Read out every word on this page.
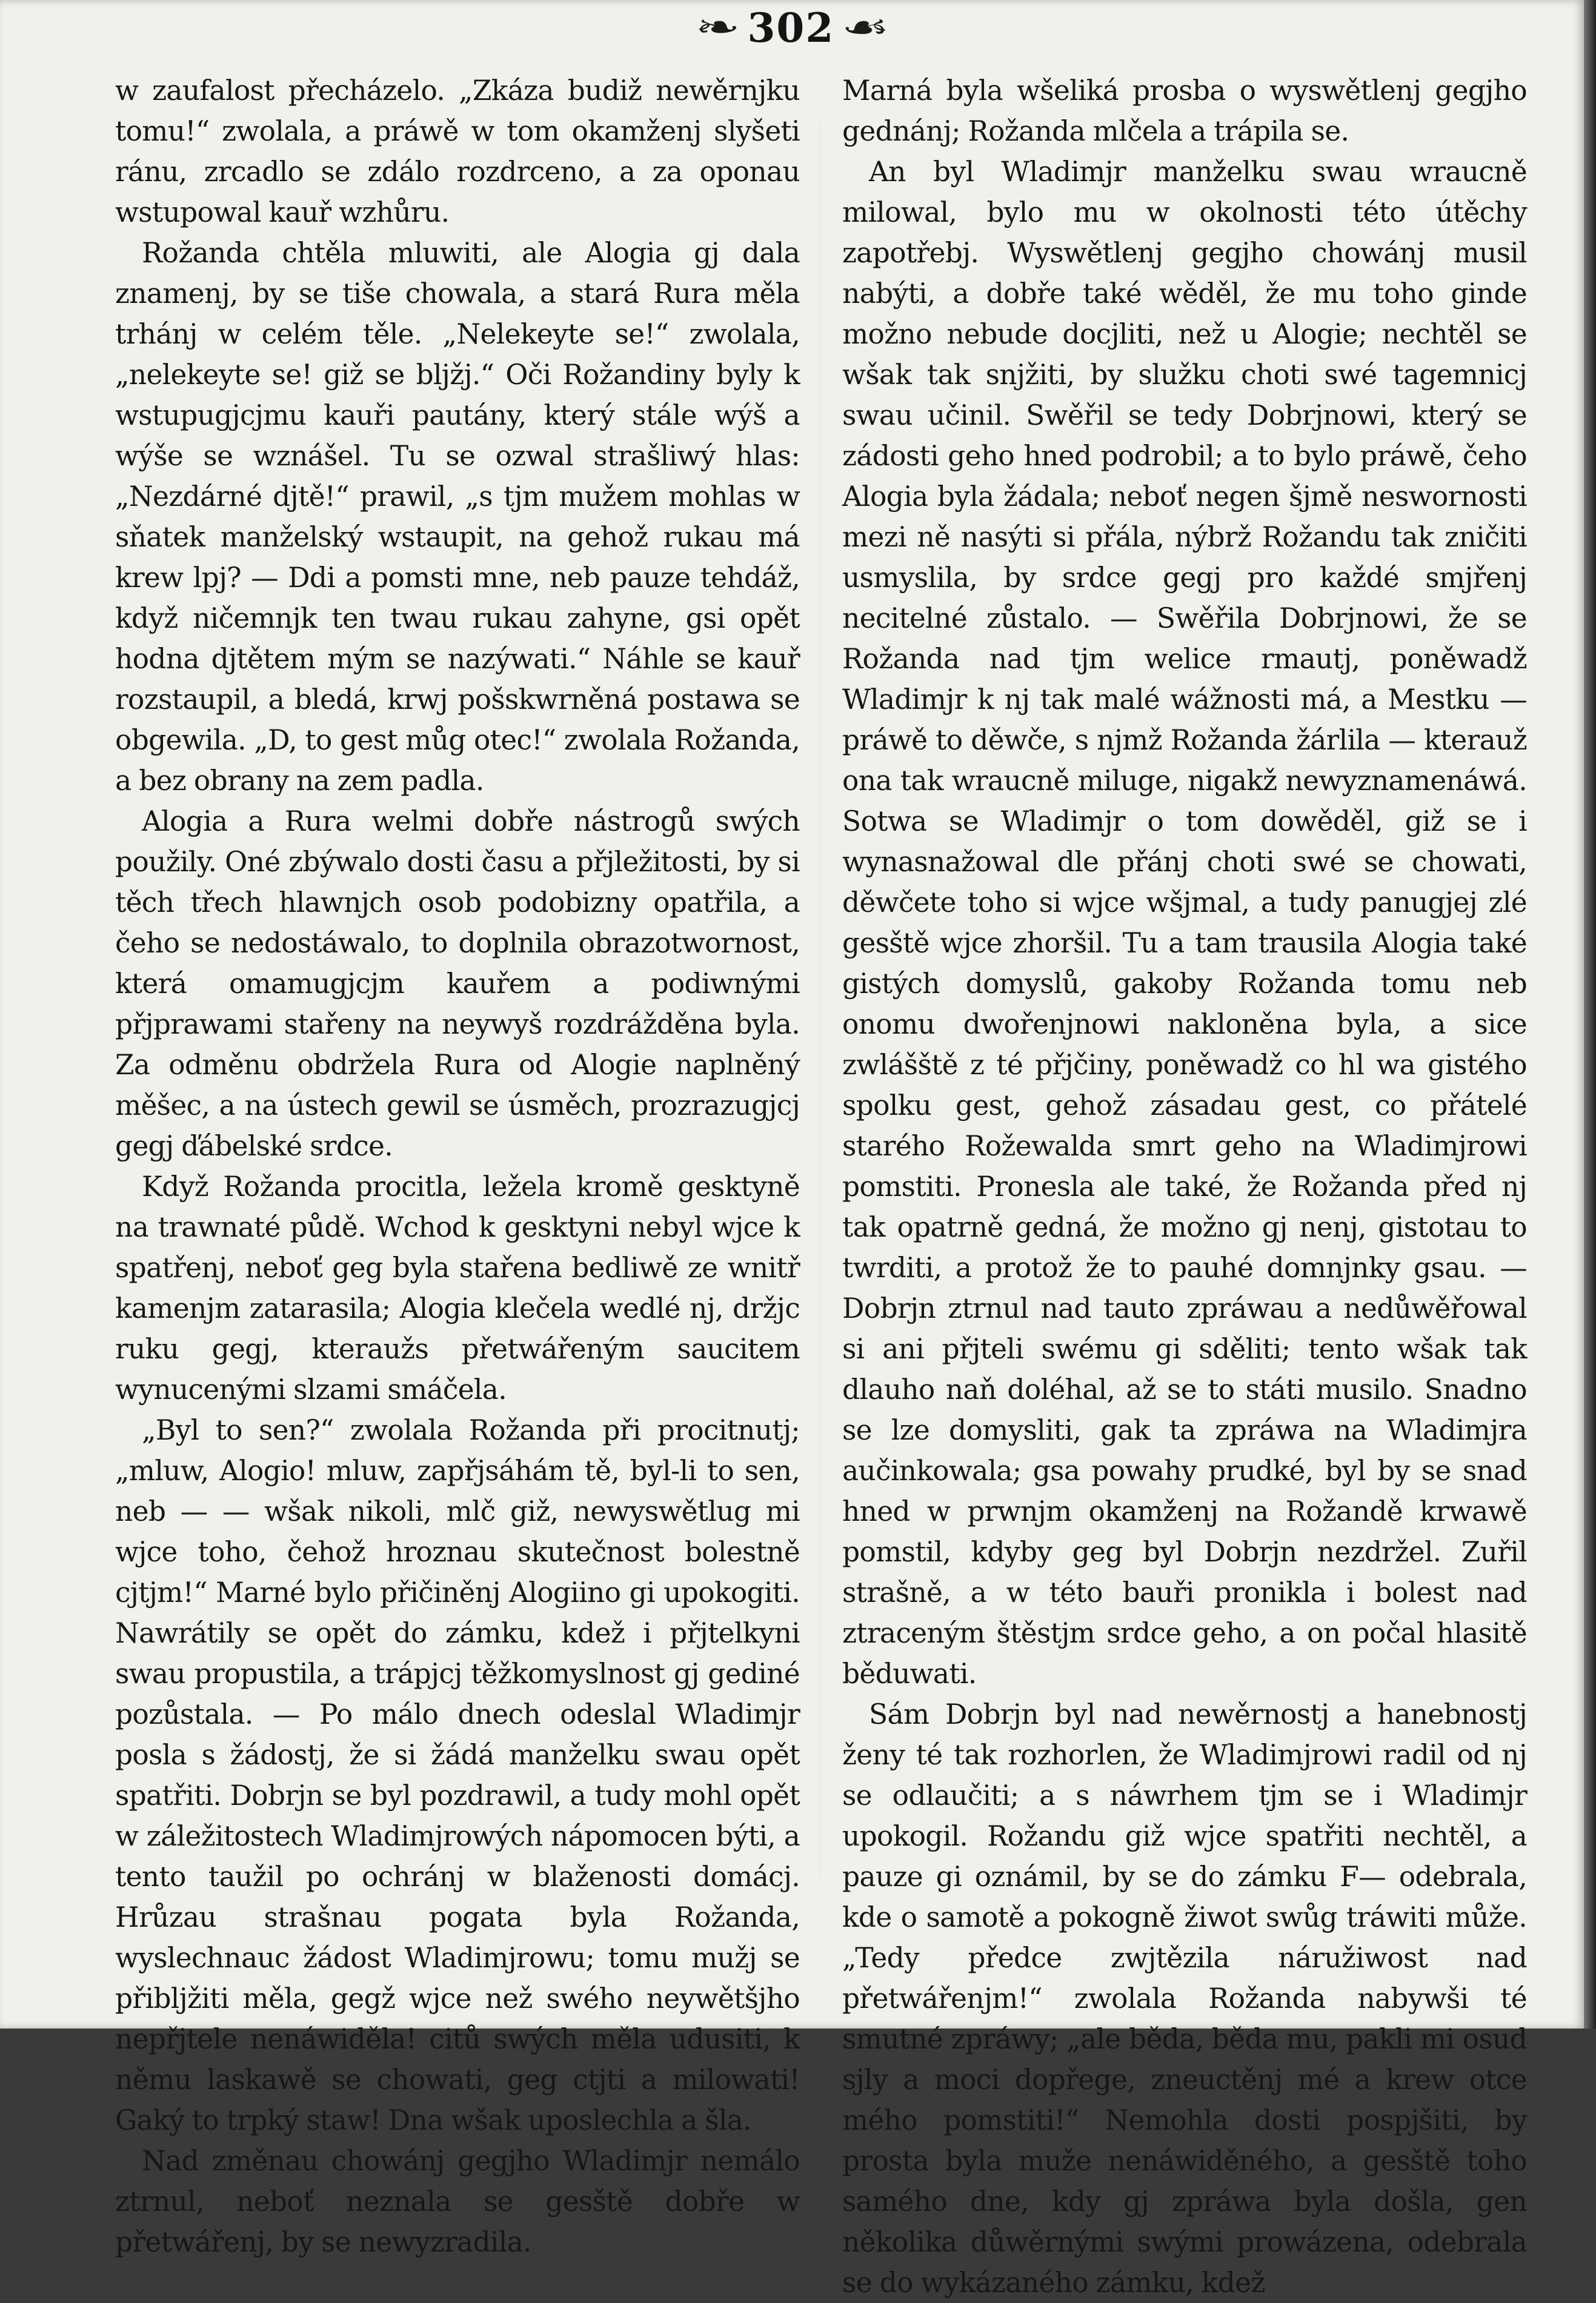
❧ 302 ☙

w zaufalost přecházelo. „Zkáza budiž newěrnjku tomu!“ zwolala, a práwě w tom okamženj slyšeti ránu, zrcadlo se zdálo rozdrceno, a za oponau wstupowal kauř wzhůru.

Rožanda chtěla mluwiti, ale Alogia gj dala znamenj, by se tiše chowala, a stará Rura měla trhánj w celém těle. „Nelekeyte se!“ zwolala, „nelekeyte se! giž se bljžj.“ Oči Rožandiny byly k wstupugjcjmu kauři pautány, který stále wýš a wýše se wznášel. Tu se ozwal strašliwý hlas: „Nezdárné djtě!“ prawil, „s tjm mužem mohlas w sňatek manželský wstaupit, na gehož rukau má krew lpj? — Ddi a pomsti mne, neb pauze tehdáž, když ničemnjk ten twau rukau zahyne, gsi opět hodna djtětem mým se nazýwati.“ Náhle se kauř rozstaupil, a bledá, krwj pošskwrněná postawa se obgewila. „D, to gest můg otec!“ zwolala Rožanda, a bez obrany na zem padla.

Alogia a Rura welmi dobře nástrogů swých použily. Oné zbýwalo dosti času a přjležitosti, by si těch třech hlawnjch osob podobizny opatřila, a čeho se nedostáwalo, to doplnila obrazotwornost, která omamugjcjm kauřem a podiwnými přjprawami stařeny na neywyš rozdrážděna byla. Za odměnu obdržela Rura od Alogie naplněný měšec, a na ústech gewil se úsměch, prozrazugjcj gegj ďábelské srdce.

Když Rožanda procitla, ležela kromě gesktyně na trawnaté půdě. Wchod k gesktyni nebyl wjce k spatřenj, neboť geg byla stařena bedliwě ze wnitř kamenjm zatarasila; Alogia klečela wedlé nj, držjc ruku gegj, kteraužs přetwářeným saucitem wynucenými slzami smáčela.

„Byl to sen?“ zwolala Rožanda při procitnutj; „mluw, Alogio! mluw, zapřjsáhám tě, byl-li to sen, neb — — wšak nikoli, mlč giž, newyswětlug mi wjce toho, čehož hroznau skutečnost bolestně cjtjm!“ Marné bylo přičiněnj Alogiino gi upokogiti. Nawrátily se opět do zámku, kdež i přjtelkyni swau propustila, a trápjcj těžkomyslnost gj gediné pozůstala. — Po málo dnech odeslal Wladimjr posla s žádostj, že si žádá manželku swau opět spatřiti. Dobrjn se byl pozdrawil, a tudy mohl opět w záležitostech Wladimjrowých nápomocen býti, a tento taužil po ochránj w blaženosti domácj. Hrůzau strašnau pogata byla Rožanda, wyslechnauc žádost Wladimjrowu; tomu mužj se přibljžiti měla, gegž wjce než swého neywětšjho nepřjtele nenáwiděla! citů swých měla udusiti, k němu laskawě se chowati, geg ctjti a milowati! Gaký to trpký staw! Dna wšak uposlechla a šla.

Nad změnau chowánj gegjho Wladimjr nemálo ztrnul, neboť neznala se gesště dobře w přetwářenj, by se newyzradila.

Marná byla wšeliká prosba o wyswětlenj gegjho gednánj; Rožanda mlčela a trápila se.

An byl Wladimjr manželku swau wraucně milowal, bylo mu w okolnosti této útěchy zapotřebj. Wyswětlenj gegjho chowánj musil nabýti, a dobře také wěděl, že mu toho ginde možno nebude docjliti, než u Alogie; nechtěl se wšak tak snjžiti, by služku choti swé tagemnicj swau učinil. Swěřil se tedy Dobrjnowi, který se zádosti geho hned podrobil; a to bylo práwě, čeho Alogia byla žádala; neboť negen šjmě neswornosti mezi ně nasýti si přála, nýbrž Rožandu tak zničiti usmyslila, by srdce gegj pro každé smjřenj necitelné zůstalo. — Swěřila Dobrjnowi, že se Rožanda nad tjm welice rmautj, poněwadž Wladimjr k nj tak malé wážnosti má, a Mestku — práwě to děwče, s njmž Rožanda žárlila — kterauž ona tak wraucně miluge, nigakž newyznamenáwá. Sotwa se Wladimjr o tom dowěděl, giž se i wynasnažowal dle přánj choti swé se chowati, děwčete toho si wjce wšjmal, a tudy panugjej zlé gesště wjce zhoršil. Tu a tam trausila Alogia také gistých domyslů, gakoby Rožanda tomu neb onomu dwořenjnowi nakloněna byla, a sice zwlášště z té přjčiny, poněwadž co hl wa gistého spolku gest, gehož zásadau gest, co přátelé starého Rožewalda smrt geho na Wladimjrowi pomstiti. Pronesla ale také, že Rožanda před nj tak opatrně gedná, že možno gj nenj, gistotau to twrditi, a protož že to pauhé domnjnky gsau. — Dobrjn ztrnul nad tauto zpráwau a nedůwěřowal si ani přjteli swému gi sděliti; tento wšak tak dlauho naň doléhal, až se to státi musilo. Snadno se lze domysliti, gak ta zpráwa na Wladimjra aučinkowala; gsa powahy prudké, byl by se snad hned w prwnjm okamženj na Rožandě krwawě pomstil, kdyby geg byl Dobrjn nezdržel. Zuřil strašně, a w této bauři pronikla i bolest nad ztraceným štěstjm srdce geho, a on počal hlasitě běduwati.

Sám Dobrjn byl nad newěrnostj a hanebnostj ženy té tak rozhorlen, že Wladimjrowi radil od nj se odlaučiti; a s náwrhem tjm se i Wladimjr upokogil. Rožandu giž wjce spatřiti nechtěl, a pauze gi oznámil, by se do zámku F— odebrala, kde o samotě a pokogně žiwot swůg tráwiti může. „Tedy předce zwjtězila náružiwost nad přetwářenjm!“ zwolala Rožanda nabywši té smutné zpráwy; „ale běda, běda mu, pakli mi osud sjly a moci dopřege, zneuctěnj mé a krew otce mého pomstiti!“ Nemohla dosti pospjšiti, by prosta byla muže nenáwiděného, a gesště toho samého dne, kdy gj zpráwa byla došla, gen několika důwěrnými swými prowázena, odebrala se do wykázaného zámku, kdež
